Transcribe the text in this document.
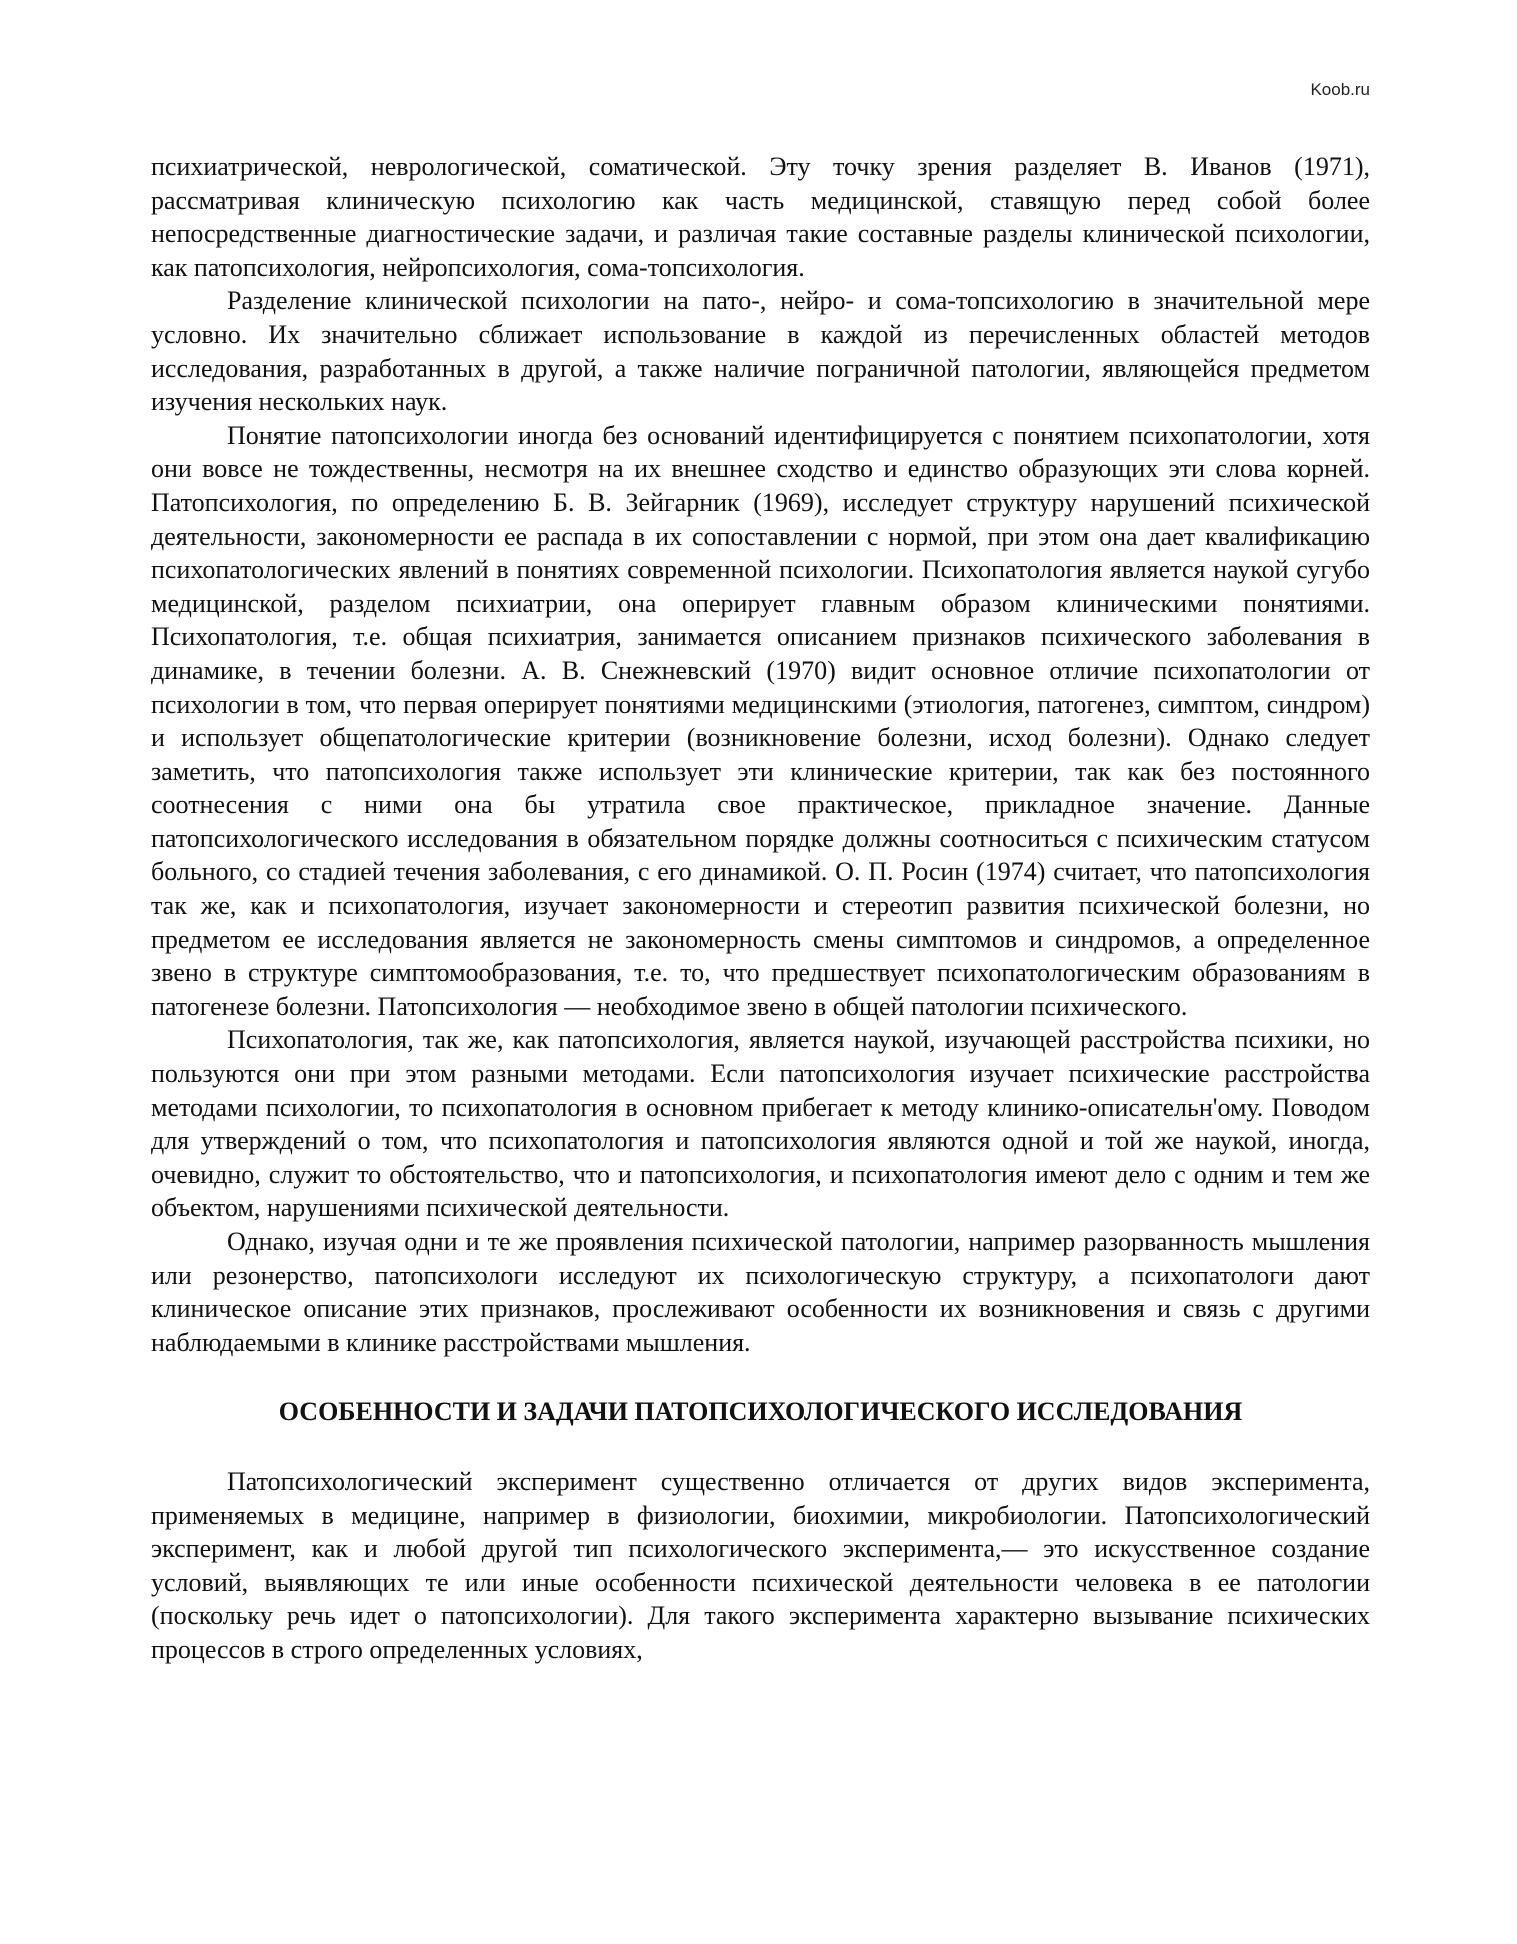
Koob.ru

психиатрической, неврологической, соматической. Эту точку зрения разделяет В. Иванов (1971), рассматривая клиническую психологию как часть медицинской, ставящую перед собой более непосредственные диагностические задачи, и различая такие составные разделы клинической психологии, как патопсихология, нейропсихология, сома-топсихология.

Разделение клинической психологии на пато-, нейро- и сома-топсихологию в значительной мере условно. Их значительно сближает использование в каждой из перечисленных областей методов исследования, разработанных в другой, а также наличие пограничной патологии, являющейся предметом изучения нескольких наук.

Понятие патопсихологии иногда без оснований идентифицируется с понятием психопатологии, хотя они вовсе не тождественны, несмотря на их внешнее сходство и единство образующих эти слова корней. Патопсихология, по определению Б. В. Зейгарник (1969), исследует структуру нарушений психической деятельности, закономерности ее распада в их сопоставлении с нормой, при этом она дает квалификацию психопатологических явлений в понятиях современной психологии. Психопатология является наукой сугубо медицинской, разделом психиатрии, она оперирует главным образом клиническими понятиями. Психопатология, т.е. общая психиатрия, занимается описанием признаков психического заболевания в динамике, в течении болезни. А. В. Снежневский (1970) видит основное отличие психопатологии от психологии в том, что первая оперирует понятиями медицинскими (этиология, патогенез, симптом, синдром) и использует общепатологические критерии (возникновение болезни, исход болезни). Однако следует заметить, что патопсихология также использует эти клинические критерии, так как без постоянного соотнесения с ними она бы утратила свое практическое, прикладное значение. Данные патопсихологического исследования в обязательном порядке должны соотноситься с психическим статусом больного, со стадией течения заболевания, с его динамикой. О. П. Росин (1974) считает, что патопсихология так же, как и психопатология, изучает закономерности и стереотип развития психической болезни, но предметом ее исследования является не закономерность смены симптомов и синдромов, а определенное звено в структуре симптомообразования, т.е. то, что предшествует психопатологическим образованиям в патогенезе болезни. Патопсихология — необходимое звено в общей патологии психического.

Психопатология, так же, как патопсихология, является наукой, изучающей расстройства психики, но пользуются они при этом разными методами. Если патопсихология изучает психические расстройства методами психологии, то психопатология в основном прибегает к методу клинико-описательн'ому. Поводом для утверждений о том, что психопатология и патопсихология являются одной и той же наукой, иногда, очевидно, служит то обстоятельство, что и патопсихология, и психопатология имеют дело с одним и тем же объектом, нарушениями психической деятельности.

Однако, изучая одни и те же проявления психической патологии, например разорванность мышления или резонерство, патопсихологи исследуют их психологическую структуру, а психопатологи дают клиническое описание этих признаков, прослеживают особенности их возникновения и связь с другими наблюдаемыми в клинике расстройствами мышления.

ОСОБЕННОСТИ И ЗАДАЧИ ПАТОПСИХОЛОГИЧЕСКОГО ИССЛЕДОВАНИЯ

Патопсихологический эксперимент существенно отличается от других видов эксперимента, применяемых в медицине, например в физиологии, биохимии, микробиологии. Патопсихологический эксперимент, как и любой другой тип психологического эксперимента,— это искусственное создание условий, выявляющих те или иные особенности психической деятельности человека в ее патологии (поскольку речь идет о патопсихологии). Для такого эксперимента характерно вызывание психических процессов в строго определенных условиях,
